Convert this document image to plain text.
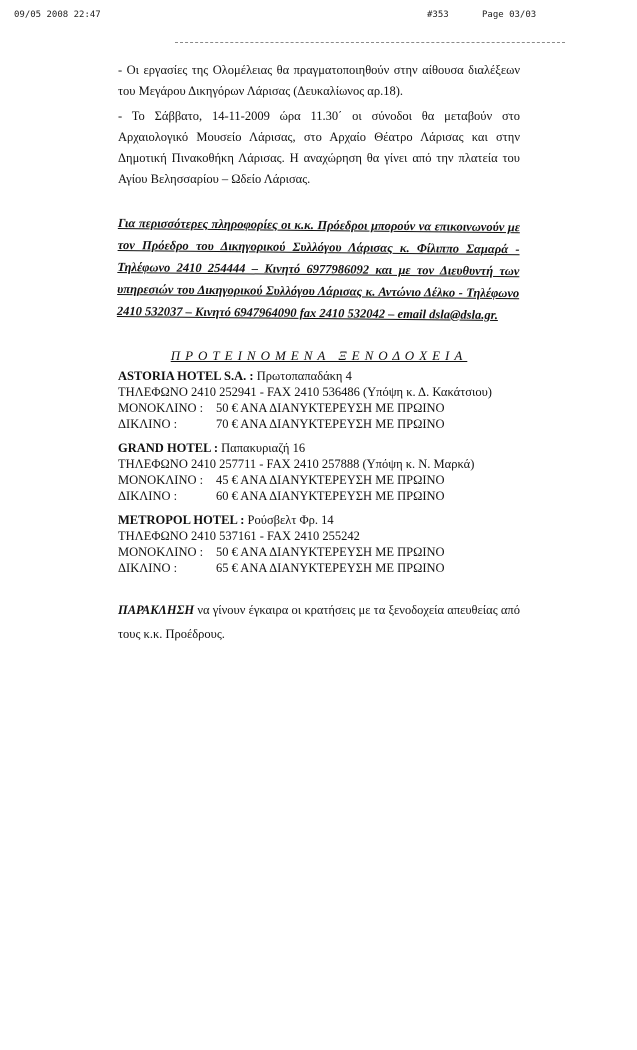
09/05 2008 22:47	#353	Page 03/03

- Οι εργασίες της Ολομέλειας θα πραγματοποιηθούν στην αίθουσα διαλέξεων του Μεγάρου Δικηγόρων Λάρισας (Δευκαλίωνος αρ.18).

- Το Σάββατο, 14-11-2009 ώρα 11.30΄ οι σύνοδοι θα μεταβούν στο Αρχαιολογικό Μουσείο Λάρισας, στο Αρχαίο Θέατρο Λάρισας και στην Δημοτική Πινακοθήκη Λάρισας. Η αναχώρηση θα γίνει από την πλατεία του Αγίου Βελησσαρίου – Ωδείο Λάρισας.

Για περισσότερες πληροφορίες οι κ.κ. Πρόεδροι μπορούν να επικοινωνούν με τον Πρόεδρο του Δικηγορικού Συλλόγου Λάρισας κ. Φίλιππο Σαμαρά - Τηλέφωνο 2410 254444 – Κινητό 6977986092 και με τον Διευθυντή των υπηρεσιών του Δικηγορικού Συλλόγου Λάρισας κ. Αντώνιο Δέλκο - Τηλέφωνο 2410 532037 – Κινητό 6947964090 fax 2410 532042 – email dsla@dsla.gr.
ΠΡΟΤΕΙΝΟΜΕΝΑ ΞΕΝΟΔΟΧΕΙΑ
ASTORIA HOTEL S.A. : Πρωτοπαπαδάκη 4
ΤΗΛΕΦΩΝΟ 2410 252941 - FAX 2410 536486 (Υπόψη κ. Δ. Κακάτσιου)
ΜΟΝΟΚΛΙΝΟ : 50 € ΑΝΑ ΔΙΑΝΥΚΤΕΡΕΥΣΗ ΜΕ ΠΡΩΙΝΟ
ΔΙΚΛΙΝΟ :	70 € ΑΝΑ ΔΙΑΝΥΚΤΕΡΕΥΣΗ ΜΕ ΠΡΩΙΝΟ
GRAND HOTEL : Παπακυριαζή 16
ΤΗΛΕΦΩΝΟ 2410 257711 - FAX 2410 257888 (Υπόψη κ. Ν. Μαρκά)
ΜΟΝΟΚΛΙΝΟ : 45 € ΑΝΑ ΔΙΑΝΥΚΤΕΡΕΥΣΗ ΜΕ ΠΡΩΙΝΟ
ΔΙΚΛΙΝΟ :	60 € ΑΝΑ ΔΙΑΝΥΚΤΕΡΕΥΣΗ ΜΕ ΠΡΩΙΝΟ
METROPOL HOTEL : Ρούσβελτ Φρ. 14
ΤΗΛΕΦΩΝΟ 2410 537161 - FAX 2410 255242
ΜΟΝΟΚΛΙΝΟ : 50 € ΑΝΑ ΔΙΑΝΥΚΤΕΡΕΥΣΗ ΜΕ ΠΡΩΙΝΟ
ΔΙΚΛΙΝΟ :	65 € ΑΝΑ ΔΙΑΝΥΚΤΕΡΕΥΣΗ ΜΕ ΠΡΩΙΝΟ

ΠΑΡΑΚΛΗΣΗ να γίνουν έγκαιρα οι κρατήσεις με τα ξενοδοχεία απευθείας από τους κ.κ. Προέδρους.
